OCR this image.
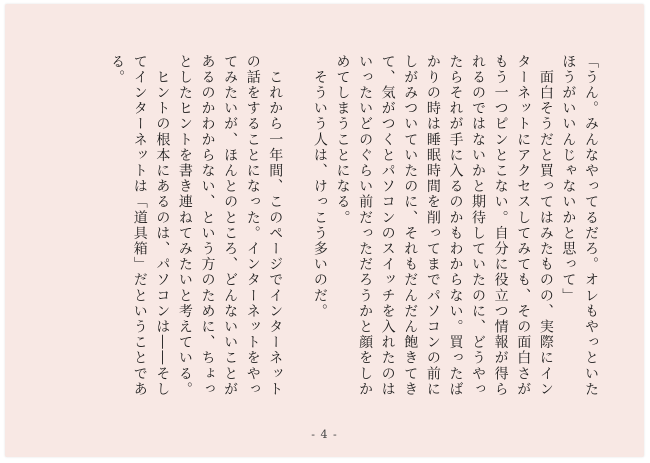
「うん。みんなやってるだろ。オレもやっといた
ほうがいいんじゃないかと思って」
　面白そうだと買ってはみたものの、実際にイン
ターネットにアクセスしてみても、その面白さが
もう一つピンとこない。自分に役立つ情報が得ら
れるのではないかと期待していたのに、どうやっ
たらそれが手に入るのかもわからない。買ったば
かりの時は睡眠時間を削ってまでパソコンの前に
しがみついていたのに、それもだんだん飽きてき
て、気がつくとパソコンのスイッチを入れたのは
いったいどのぐらい前だっただろうかと顔をしか
めてしまうことになる。
　そういう人は、けっこう多いのだ。
　これから一年間、このページでインターネット
の話をすることになった。インターネットをやっ
てみたいが、ほんとのところ、どんないいことが
あるのかわからない、という方のために、ちょっ
としたヒントを書き連ねてみたいと考えている。
　ヒントの根本にあるのは、パソコンは――そし
てインターネットは「道具箱」だということであ
る。
- 4 -
